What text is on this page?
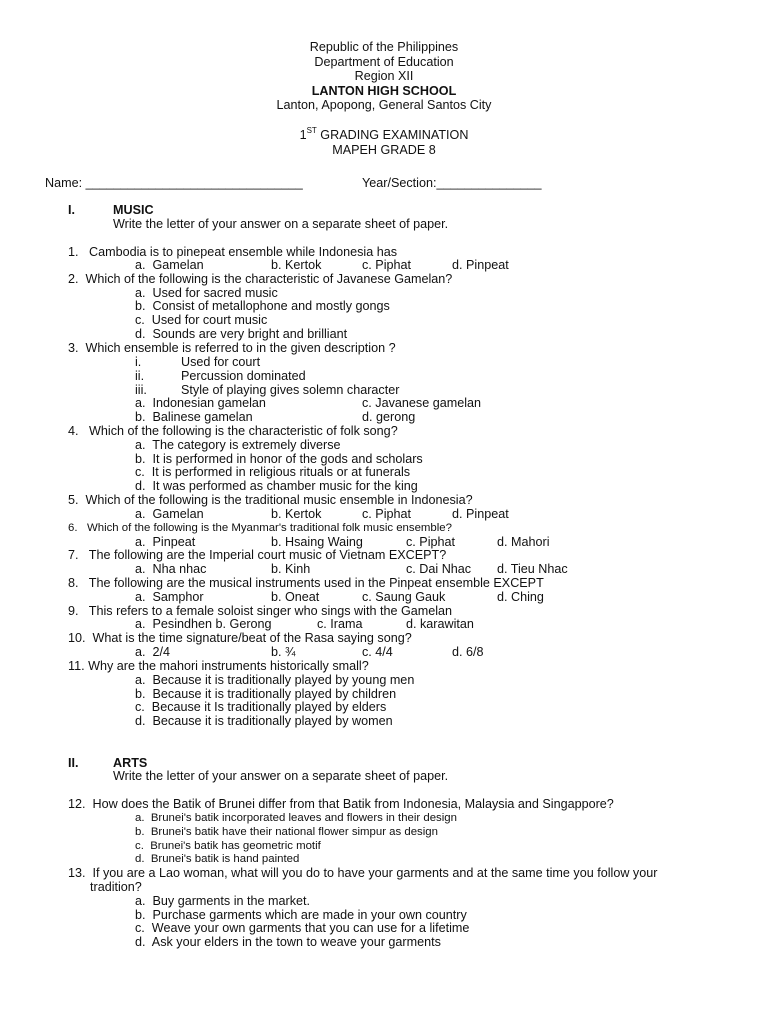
Republic of the Philippines
Department of Education
Region XII
LANTON HIGH SCHOOL
Lanton, Apopong, General Santos City
1ST GRADING EXAMINATION
MAPEH GRADE 8
Name: _______________________________	Year/Section:_______________
I.	MUSIC
Write the letter of your answer on a separate sheet of paper.
1.   Cambodia is to pinepeat ensemble while Indonesia has
a.  Gamelan	b. Kertok	c. Piphat	d. Pinpeat
2.  Which of the following is the characteristic of Javanese Gamelan?
a.  Used for sacred music
b.  Consist of metallophone and mostly gongs
c.  Used for court music
d.  Sounds are very bright and brilliant
3.  Which ensemble is referred to in the given description ?
i.	Used for court
ii.	Percussion dominated
iii.	Style of playing gives solemn character
a.  Indonesian gamelan	c. Javanese gamelan
b.  Balinese gamelan	d. gerong
4.   Which of the following is the characteristic of folk song?
a.  The category is extremely diverse
b.  It is performed in honor of the gods and scholars
c.  It is performed in religious rituals or at funerals
d.  It was performed as chamber music for the king
5.  Which of the following is the traditional music ensemble in Indonesia?
a.  Gamelan	b. Kertok	c. Piphat	d. Pinpeat
6.   Which of the following is the Myanmar's traditional folk music ensemble?
a.  Pinpeat	b. Hsaing Waing	c. Piphat	d. Mahori
7.   The following are the Imperial court music of Vietnam EXCEPT?
a.  Nha nhac	b. Kinh	c. Dai Nhac d. Tieu Nhac
8.   The following are the musical instruments used in the Pinpeat ensemble EXCEPT
a.  Samphor	b. Oneat	c. Saung Gauk	d. Ching
9.   This refers to a female soloist singer who sings with the Gamelan
a.  Pesindhen b. Gerong	c. Irama	d. karawitan
10.  What is the time signature/beat of the Rasa saying song?
a.  2/4	b. ¾	c. 4/4	d. 6/8
11. Why are the mahori instruments historically small?
a.  Because it is traditionally played by young men
b.  Because it is traditionally played by children
c.  Because it Is traditionally played by elders
d.  Because it is traditionally played by women
II.	ARTS
Write the letter of your answer on a separate sheet of paper.
12.  How does the Batik of Brunei differ from that Batik from Indonesia, Malaysia and Singappore?
a.  Brunei's batik incorporated leaves and flowers in their design
b.  Brunei's batik have their national flower simpur as design
c.  Brunei's batik has geometric motif
d.  Brunei's batik is hand painted
13.  If you are a Lao woman, what will you do to have your garments and at the same time you follow your
tradition?
a.  Buy garments in the market.
b.  Purchase garments which are made in your own country
c.  Weave your own garments that you can use for a lifetime
d.  Ask your elders in the town to weave your garments
